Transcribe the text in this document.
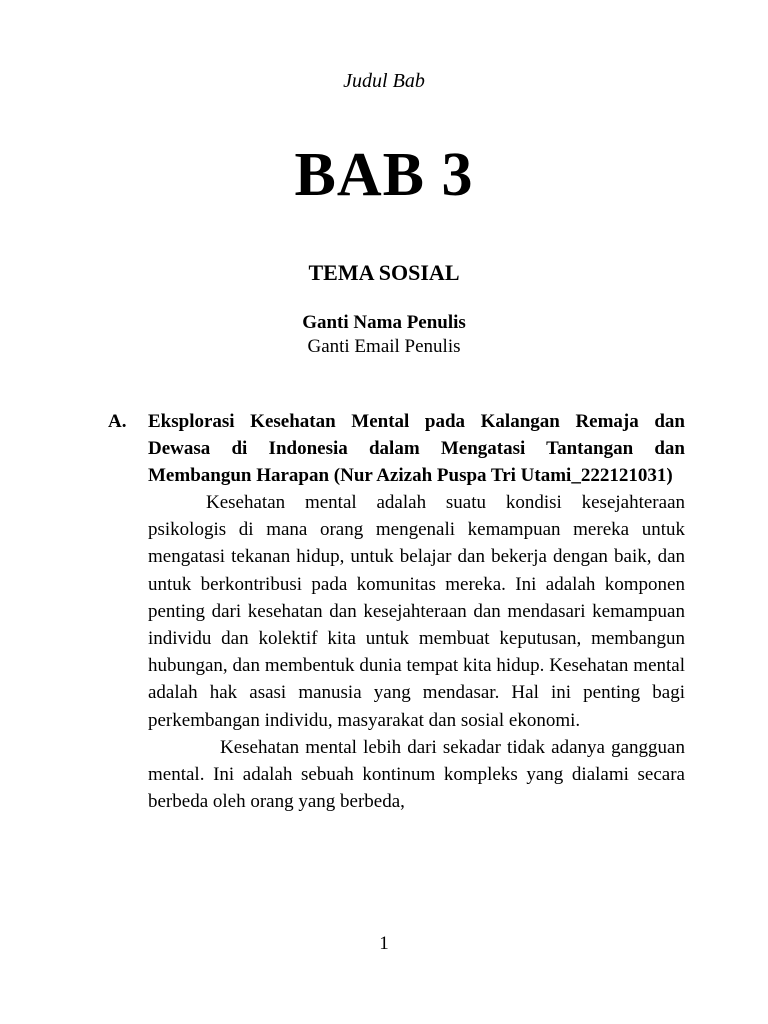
Judul Bab
BAB 3
TEMA SOSIAL
Ganti Nama Penulis
Ganti Email Penulis
A. Eksplorasi Kesehatan Mental pada Kalangan Remaja dan Dewasa di Indonesia dalam Mengatasi Tantangan dan Membangun Harapan (Nur Azizah Puspa Tri Utami_222121031)

Kesehatan mental adalah suatu kondisi kesejahteraan psikologis di mana orang mengenali kemampuan mereka untuk mengatasi tekanan hidup, untuk belajar dan bekerja dengan baik, dan untuk berkontribusi pada komunitas mereka. Ini adalah komponen penting dari kesehatan dan kesejahteraan dan mendasari kemampuan individu dan kolektif kita untuk membuat keputusan, membangun hubungan, dan membentuk dunia tempat kita hidup. Kesehatan mental adalah hak asasi manusia yang mendasar. Hal ini penting bagi perkembangan individu, masyarakat dan sosial ekonomi.

Kesehatan mental lebih dari sekadar tidak adanya gangguan mental. Ini adalah sebuah kontinum kompleks yang dialami secara berbeda oleh orang yang berbeda,

1
